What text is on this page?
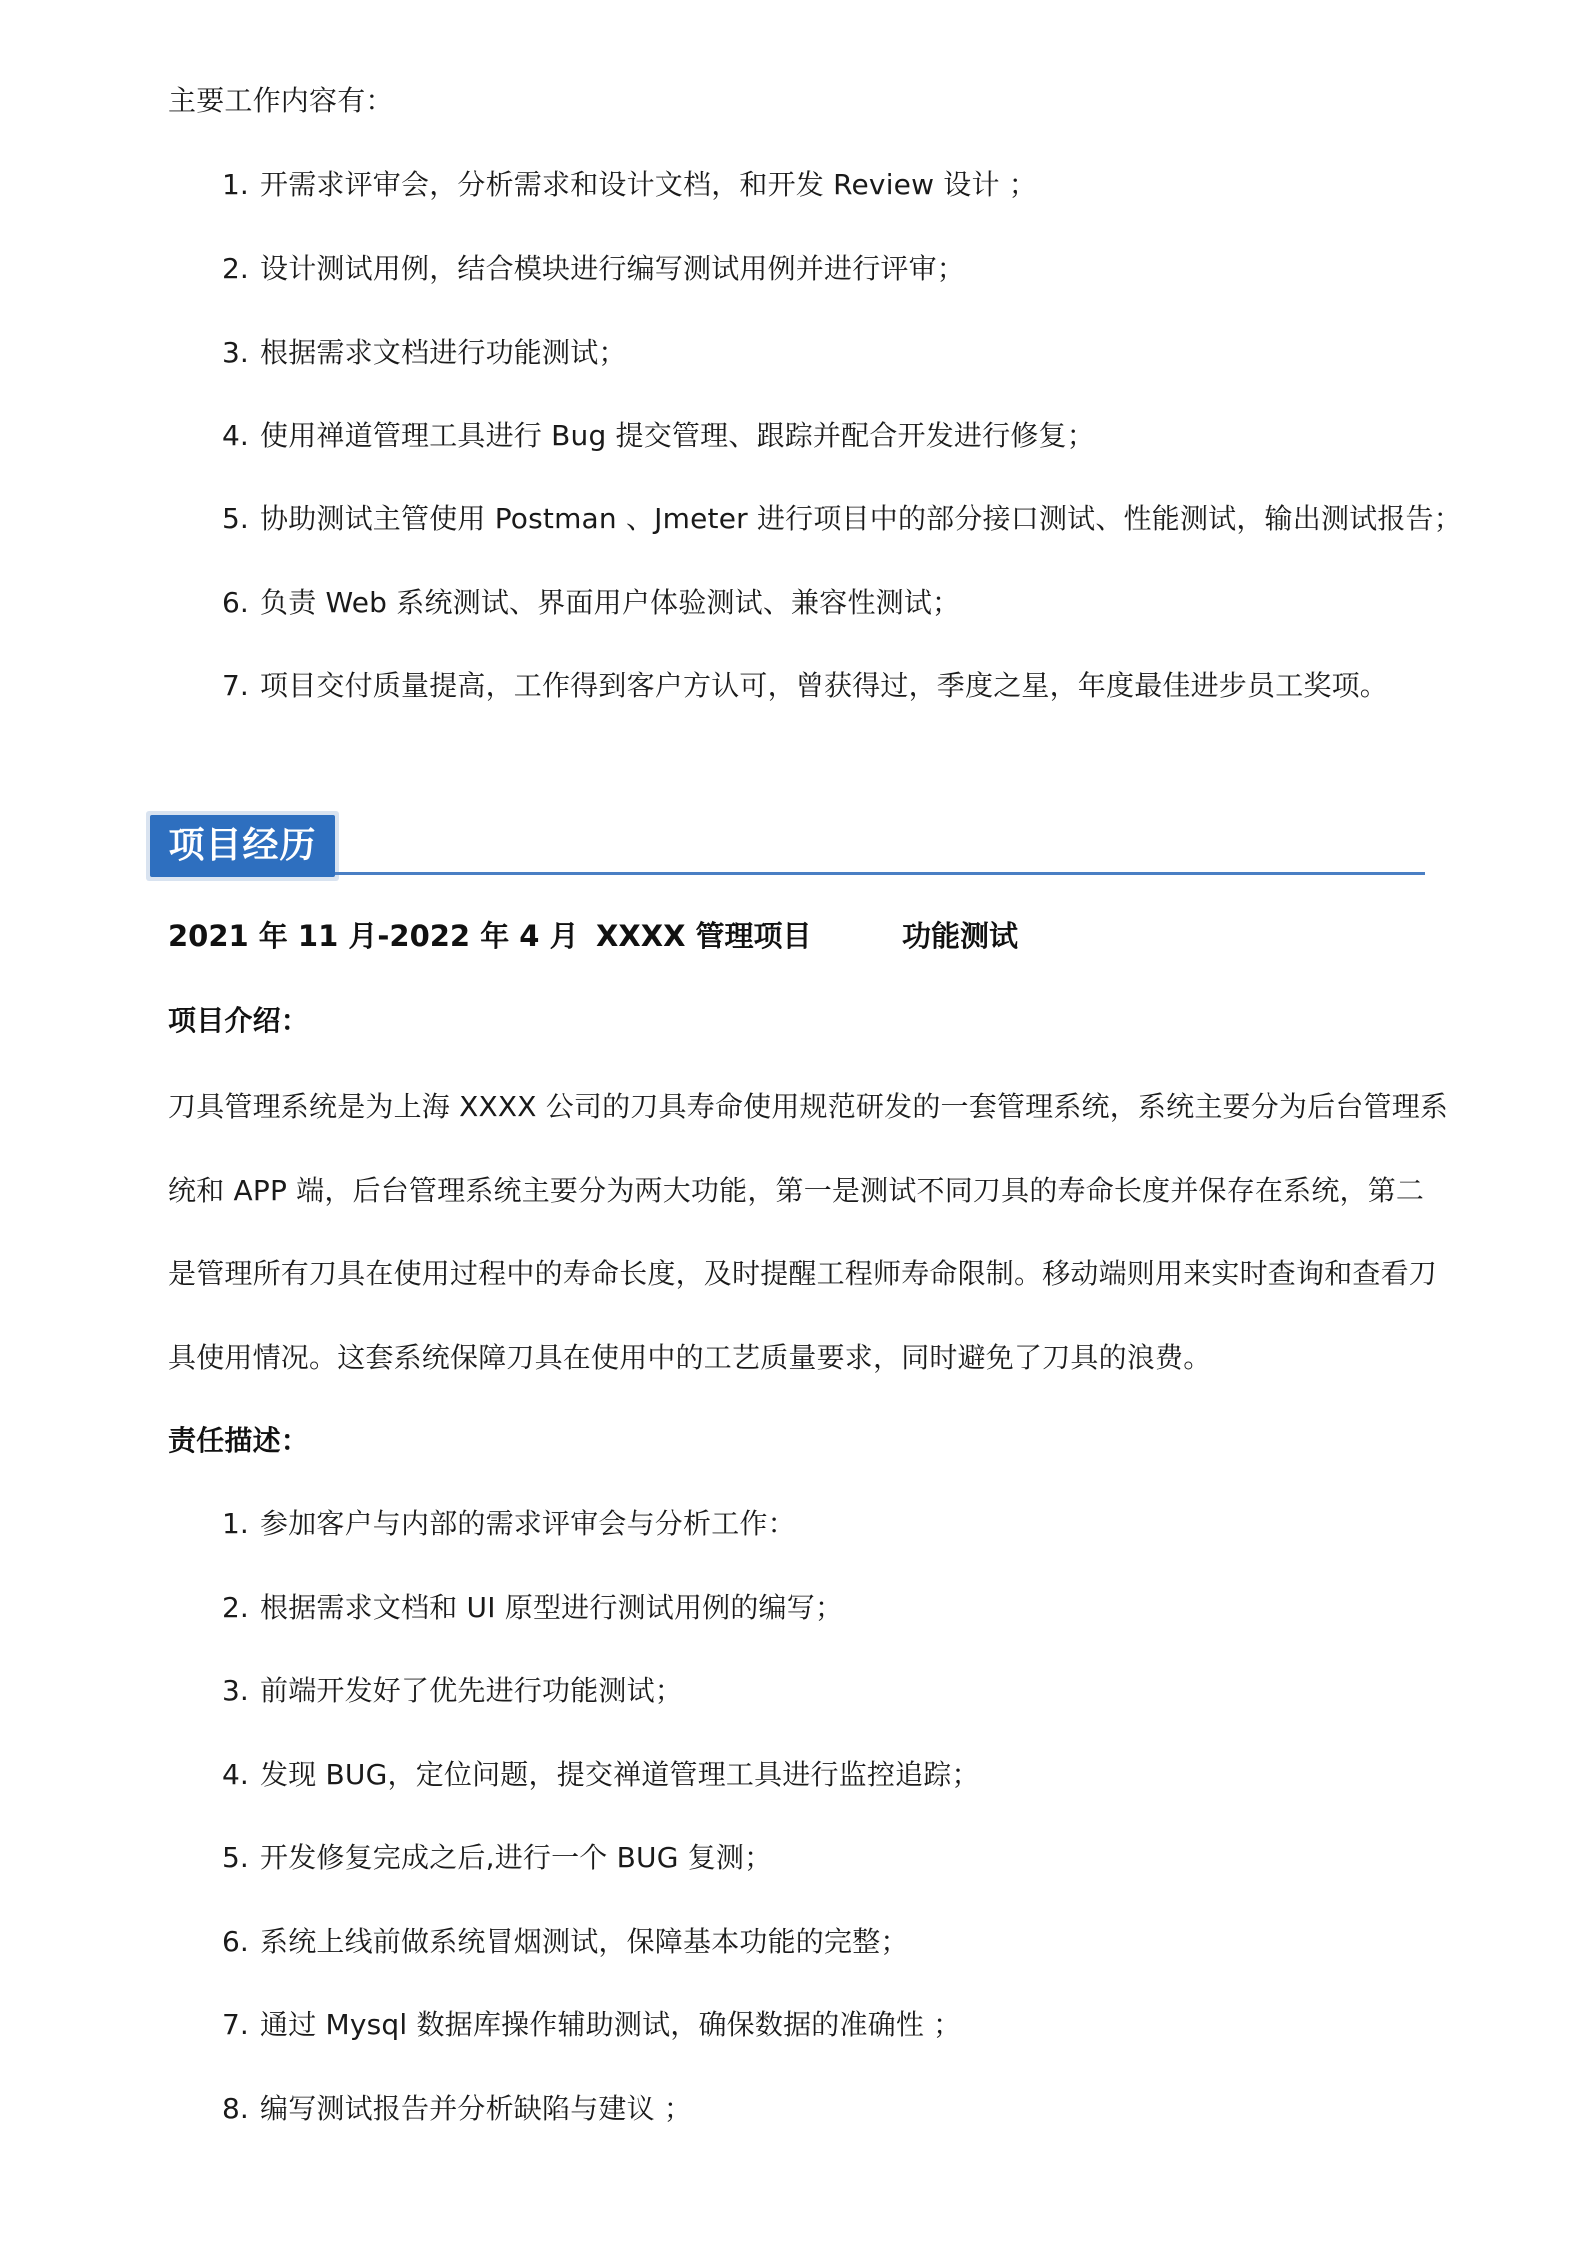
主要工作内容有：
1. 开需求评审会，分析需求和设计文档，和开发 Review 设计 ；
2. 设计测试用例，结合模块进行编写测试用例并进行评审；
3. 根据需求文档进行功能测试；
4. 使用禅道管理工具进行 Bug 提交管理、跟踪并配合开发进行修复；
5. 协助测试主管使用 Postman 、Jmeter 进行项目中的部分接口测试、性能测试，输出测试报告；
6. 负责 Web 系统测试、界面用户体验测试、兼容性测试；
7. 项目交付质量提高，工作得到客户方认可，曾获得过，季度之星，年度最佳进步员工奖项。
项目经历
2021 年 11 月-2022 年 4 月 XXXX 管理项目	功能测试
项目介绍：
刀具管理系统是为上海 XXXX 公司的刀具寿命使用规范研发的一套管理系统，系统主要分为后台管理系
统和 APP 端，后台管理系统主要分为两大功能，第一是测试不同刀具的寿命长度并保存在系统，第二
是管理所有刀具在使用过程中的寿命长度，及时提醒工程师寿命限制。移动端则用来实时查询和查看刀
具使用情况。这套系统保障刀具在使用中的工艺质量要求，同时避免了刀具的浪费。
责任描述：
1. 参加客户与内部的需求评审会与分析工作：
2. 根据需求文档和 UI 原型进行测试用例的编写；
3. 前端开发好了优先进行功能测试；
4. 发现 BUG，定位问题，提交禅道管理工具进行监控追踪；
5. 开发修复完成之后,进行一个 BUG 复测；
6. 系统上线前做系统冒烟测试，保障基本功能的完整；
7. 通过 Mysql 数据库操作辅助测试，确保数据的准确性 ；
8. 编写测试报告并分析缺陷与建议 ；
